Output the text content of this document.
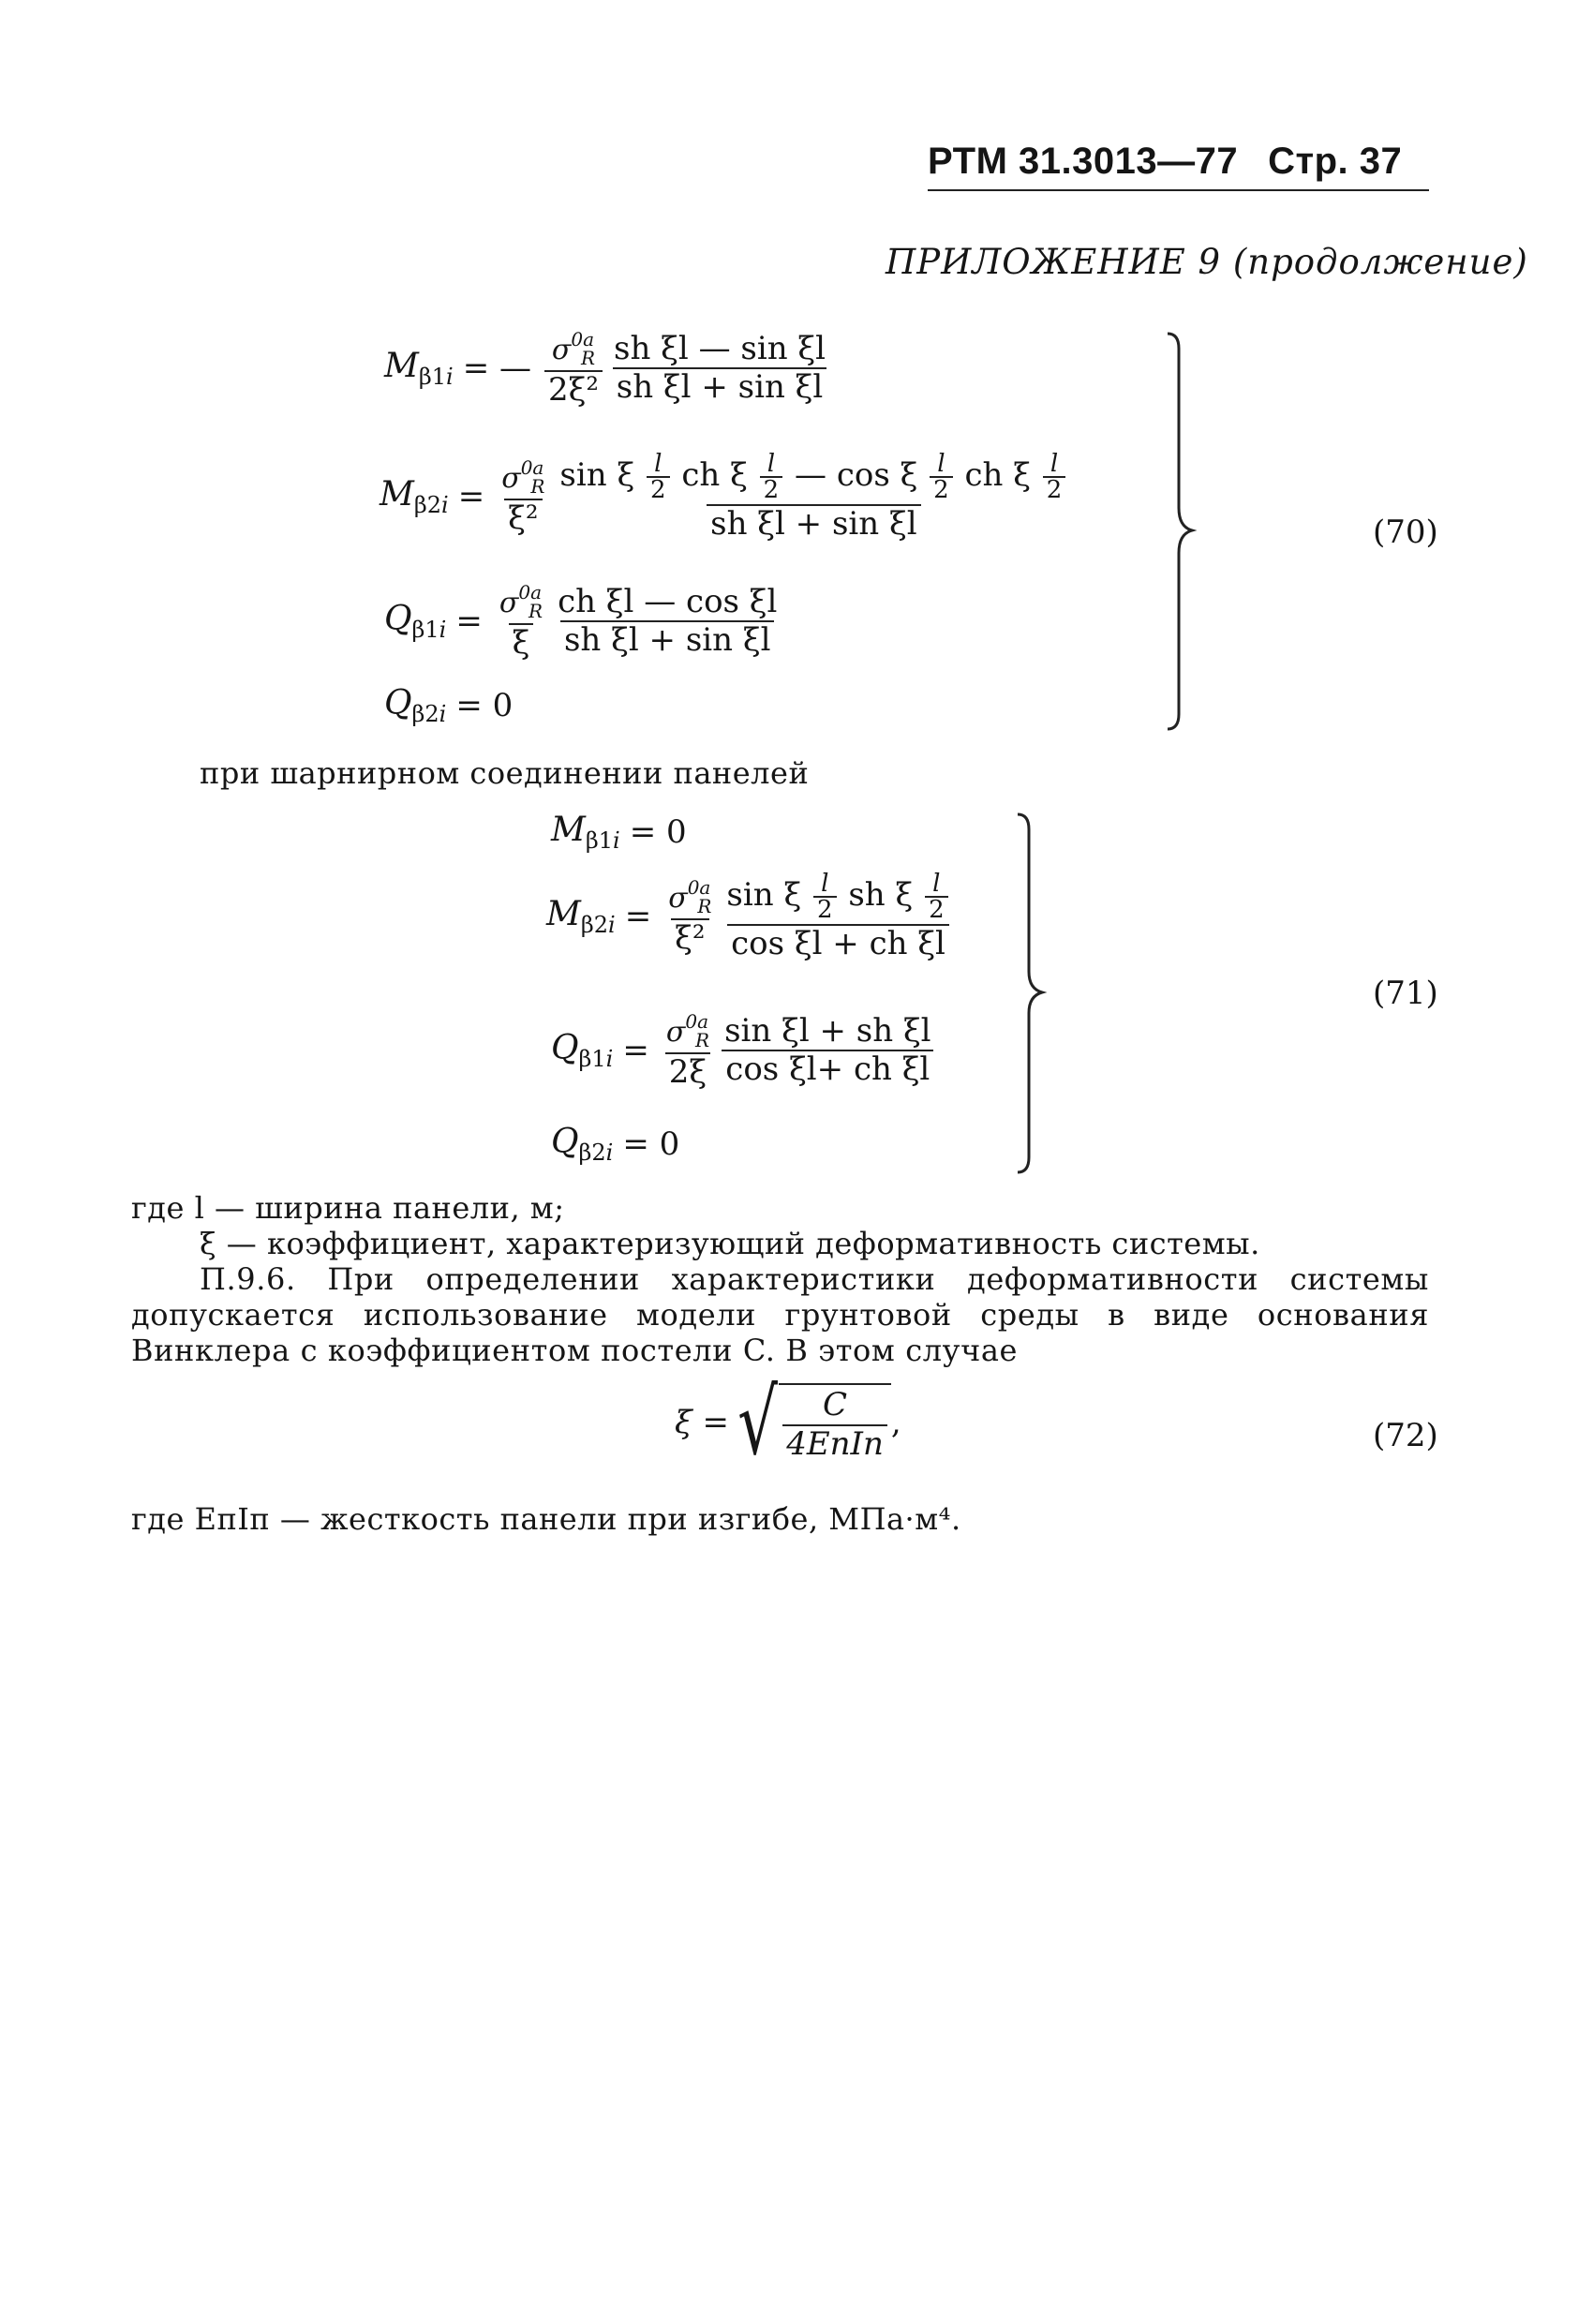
РТМ 31.3013—77 Стр. 37
ПРИЛОЖЕНИЕ 9 (продолжение)
$M_{\beta 1i}$ = — $\frac{\sigma^{0a}_R}{\text{2ξ²}} \frac{\text{sh ξl — sin ξl}}{\text{sh ξl + sin ξl}}$
$M_{\beta 2i} = \frac{\sigma^{0a}_R}{\text{ξ²}}$ sin ξ $\frac{l}{2}$ ch ξ $\frac{l}{2}$ — cos ξ $\frac{l}{2}$ ch ξ $\frac{l}{2}$
sh ξl + sin ξl
$Q_{\beta 1i} = \frac{\sigma^{0a}_R}{\xi} \frac{\text{ch ξl — cos ξl}}{\text{sh ξl + sin ξl}}$
$Q_{\beta 2i} = 0$
(70)
при шарнирном соединении панелей
$M_{\beta 1i} = 0$
$M_{\beta 2i} = \frac{\sigma^{0a}_R}{\text{ξ²}} \frac{\sin \xi \frac{l}{2} sh \xi \frac{l}{2}}{\text{cos ξl + ch ξl}}$
$Q_{\beta 1i} = \frac{\sigma^{0a}_R}{2\xi} \frac{\text{sin ξl + sh ξl}}{\text{cos ξl+ ch ξl}}$
$Q_{\beta 2i} = 0$
(71)
где l — ширина панели, м;
ξ — коэффициент, характеризующий деформативность системы.
П.9.6. При определении характеристики деформативности системы допускается использование модели грунтовой среды в виде основания Винклера с коэффициентом постели C. В этом случае
ξ = √ $\frac{C}{\text{4EпIп}}$ ,	(72)
где EпIп — жесткость панели при изгибе, МПа·м⁴.
